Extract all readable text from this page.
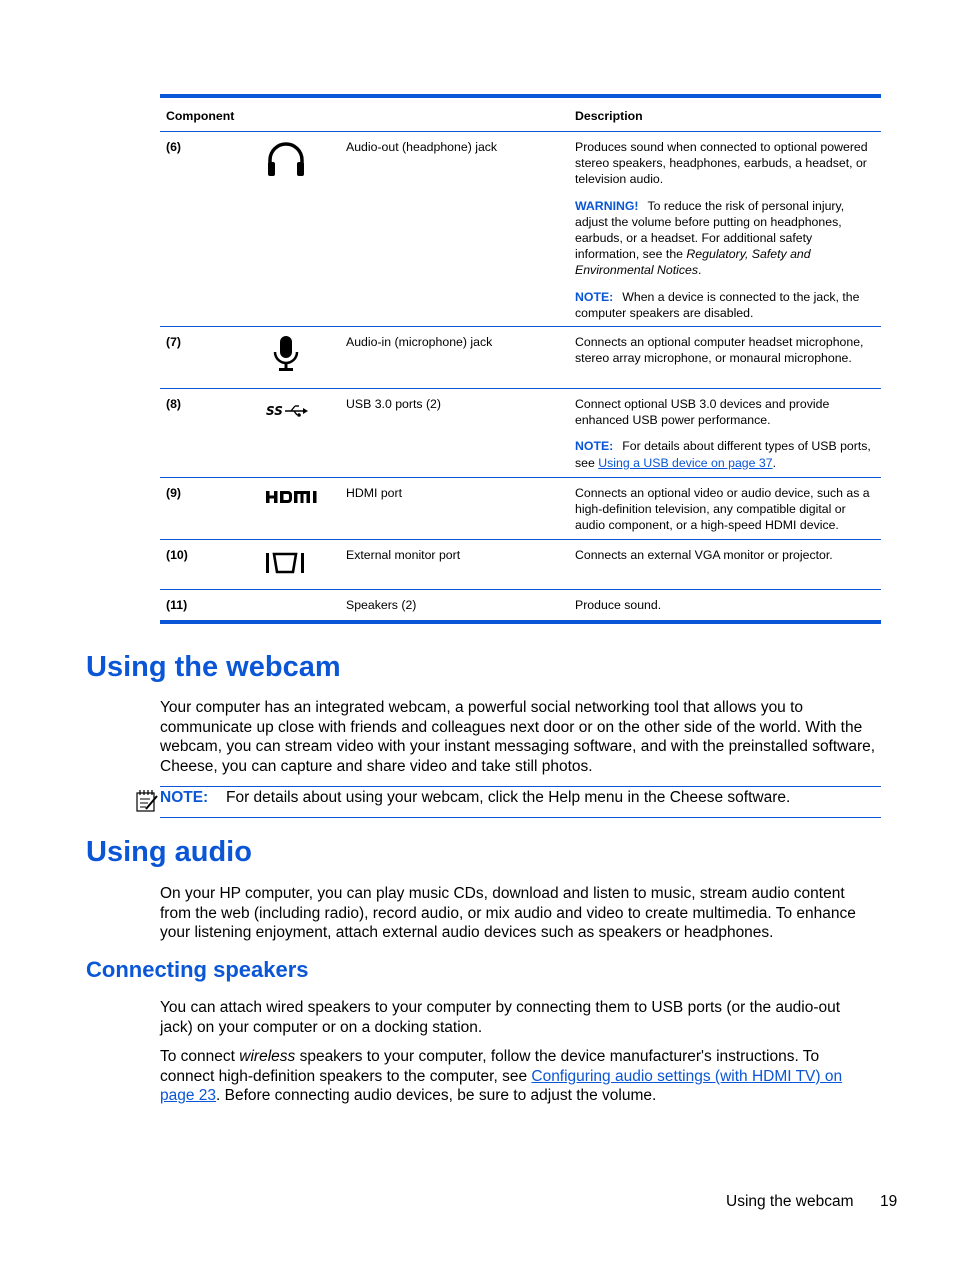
Component	Description
(6)	Audio-out (headphone) jack	Produces sound when connected to optional powered stereo speakers, headphones, earbuds, a headset, or television audio.

WARNING! To reduce the risk of personal injury, adjust the volume before putting on headphones, earbuds, or a headset. For additional safety information, see the Regulatory, Safety and Environmental Notices.

NOTE: When a device is connected to the jack, the computer speakers are disabled.

(7)	Audio-in (microphone) jack	Connects an optional computer headset microphone, stereo array microphone, or monaural microphone.

(8)	SS	USB 3.0 ports (2)	Connect optional USB 3.0 devices and provide enhanced USB power performance.

NOTE: For details about different types of USB ports, see Using a USB device on page 37.

(9)	HDMI port	Connects an optional video or audio device, such as a high-definition television, any compatible digital or audio component, or a high-speed HDMI device.

(10)	External monitor port	Connects an external VGA monitor or projector.

(11)	Speakers (2)	Produce sound.

Using the webcam

Your computer has an integrated webcam, a powerful social networking tool that allows you to communicate up close with friends and colleagues next door or on the other side of the world. With the webcam, you can stream video with your instant messaging software, and with the preinstalled software, Cheese, you can capture and share video and take still photos.

NOTE: For details about using your webcam, click the Help menu in the Cheese software.
Using audio

On your HP computer, you can play music CDs, download and listen to music, stream audio content from the web (including radio), record audio, or mix audio and video to create multimedia. To enhance your listening enjoyment, attach external audio devices such as speakers or headphones.

Connecting speakers

You can attach wired speakers to your computer by connecting them to USB ports (or the audio-out jack) on your computer or on a docking station.

To connect wireless speakers to your computer, follow the device manufacturer's instructions. To connect high-definition speakers to the computer, see Configuring audio settings (with HDMI TV) on page 23. Before connecting audio devices, be sure to adjust the volume.

Using the webcam 19
